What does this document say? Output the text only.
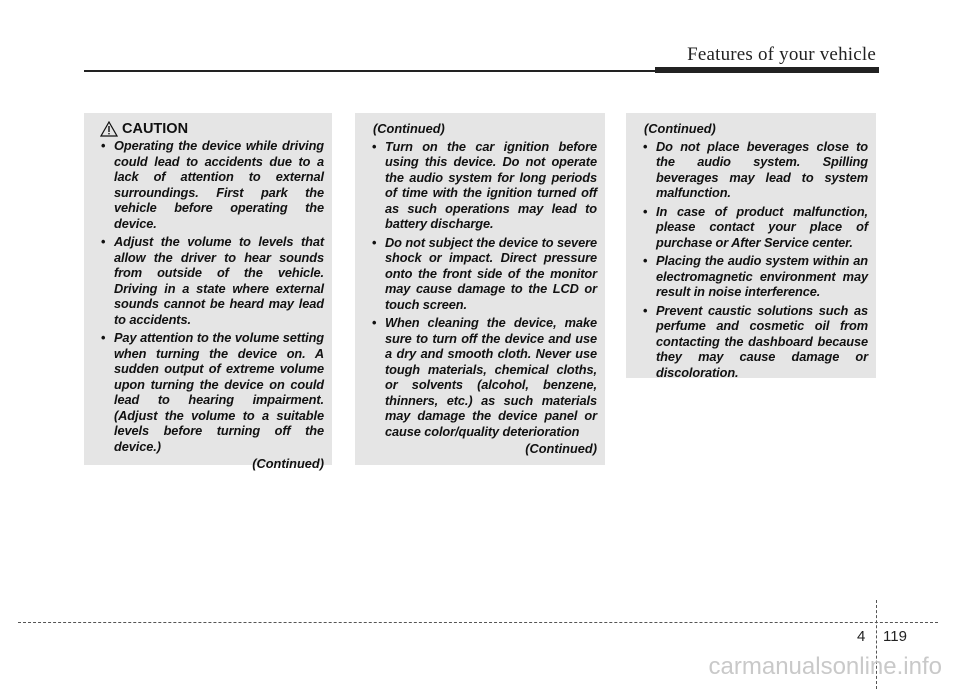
Features of your vehicle
CAUTION
• Operating the device while driving could lead to accidents due to a lack of attention to external surroundings. First park the vehicle before operating the device.
• Adjust the volume to levels that allow the driver to hear sounds from outside of the vehicle. Driving in a state where external sounds cannot be heard may lead to accidents.
• Pay attention to the volume setting when turning the device on. A sudden output of extreme volume upon turning the device on could lead to hearing impairment. (Adjust the volume to a suitable levels before turning off the device.)
(Continued)
(Continued)
• Turn on the car ignition before using this device. Do not operate the audio system for long periods of time with the ignition turned off as such operations may lead to battery discharge.
• Do not subject the device to severe shock or impact. Direct pressure onto the front side of the monitor may cause damage to the LCD or touch screen.
• When cleaning the device, make sure to turn off the device and use a dry and smooth cloth. Never use tough materials, chemical cloths, or solvents (alcohol, benzene, thinners, etc.) as such materials may damage the device panel or cause color/quality deterioration
(Continued)
(Continued)
• Do not place beverages close to the audio system. Spilling beverages may lead to system malfunction.
• In case of product malfunction, please contact your place of purchase or After Service center.
• Placing the audio system within an electromagnetic environment may result in noise interference.
• Prevent caustic solutions such as perfume and cosmetic oil from contacting the dashboard because they may cause damage or discoloration.
4 119
carmanualsonline.info
